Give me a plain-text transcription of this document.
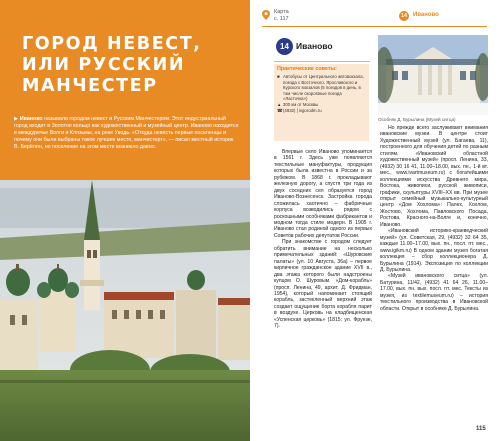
ГОРОД НЕВЕСТ,
ИЛИ РУССКИЙ
МАНЧЕСТЕР
▶ Иваново называли городом невест и Русским Манчестером. Этот индустриальный город входит в Золотое кольцо как художественный и музейный центр. Иваново находится в междуречье Волги и Клязьмы, на реке Уводь. «Откуда невесть первые поселенцы и почему они были выбраны такое лучшее место, манчестерт», — писал местный историк В. Берёлин, но поселение на этом месте возникло давно.
Карта
с. 117	14 Иваново
14 Иваново
Практические советы:
■ Автобусы от Центрального автовокзала, поезда с Восточного, Ярославского и Курского вокзалов (5 поездов в день, в том числе скорostные поезда «Ласточка»)
▲ 300 км от Москвы
☎ (4932) | ivgorodm.ru

Впервые село Иваново упоминается в 1561 г. Здесь уже появляются текстильные мануфактуры, продукция которых была известна в России и за рубежом. В 1868 г. прокладывают железную дорогу, а спустя три года из двух соседних сел образуется город Иваново-Вознесенск. Застройка города сложилась хаотично – фабричные корпуса возводились рядом с роскошными особняками фабрикантов и модном тогда стиле модерн. В 1905 г. Иваново стал родиной одного из первых Советов рабочих депутатов России.

При знакомстве с городом следует обратить внимание на несколько примечательных зданий: «Шуровские палаты» (ул. 10 Августа, 36а) – первое кирпичное гражданское здание XVII в., два этажа которого были надстроены купцом О. Шуровым. «Дом-корабль» (просп. Ленина, 49, архит. Д. Фридман, 1954), который напоминает стоящий корабль, застекленный верхний этаж создает ощущение борта корабля парит в воздухе. Церковь на кладбищенская «Успенская церковь» (1815; ул. Фрунзе, 7).

Особняк Д. Бурылина (Музей ситца)

Но прежде всего заслуживают внимания ивановские музеи. В центре стоит Художественный музей (ул. Багаева, 11), построенного для обучения детей по разным стилям. «Ивановский областной художественный музей» (просп. Ленина, 33, (4932) 30 16 41, 11.00–18.00, вых. пн., 1-й вт. мес., www.ivartmuseum.ru) с богатейшими коллекциями искусства Древнего мира, Востока, живописи, русской живописи, графики, скульптуры XVIII–XX вв. При музее открыт семейный музыкально-культурный центр «Дом Хохлома»: Палех, Хохлом, Жостово, Хохлома, Павловского Посада, Ростова, Краснoго-на-Волге и, конечно, Иваново.

«Ивановский историко-краеведческий музей» (ул. Советская, 29, (4932) 32 64 35, каждые 11.00–17.00, вых. пн., посл. пт. мес., www.igikm.ru) В одном здании музея богатая коллекция – сбор коллекционера Д. Бурылина (1914). Экспозиция по коллекции Д. Бурылина.

«Музей ивановского ситца» (ул. Батурина, 11/42, (4932) 41 64 26, 11.00–17.00, вых. пн. вых. посл. пт. мес. Тексты из музея, из textilemuseum.ru) – история текстильного производства в Ивановской области. Открыт в особняке Д. Бурылина.

115
